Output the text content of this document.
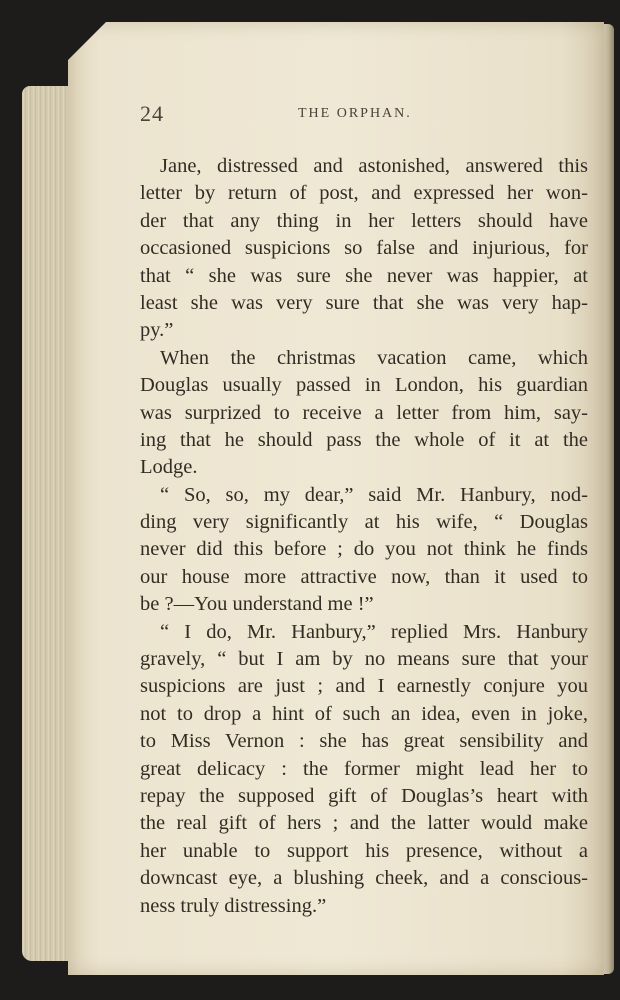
24	THE ORPHAN.
Jane, distressed and astonished, answered this
letter by return of post, and expressed her won-
der that any thing in her letters should have
occasioned suspicions so false and injurious, for
that “ she was sure she never was happier, at
least she was very sure that she was very hap-
py.”
When the christmas vacation came, which
Douglas usually passed in London, his guardian
was surprized to receive a letter from him, say-
ing that he should pass the whole of it at the
Lodge.
“ So, so, my dear,” said Mr. Hanbury, nod-
ding very significantly at his wife, “ Douglas
never did this before ; do you not think he finds
our house more attractive now, than it used to
be ?—You understand me !”
“ I do, Mr. Hanbury,” replied Mrs. Hanbury
gravely, “ but I am by no means sure that your
suspicions are just ; and I earnestly conjure you
not to drop a hint of such an idea, even in joke,
to Miss Vernon : she has great sensibility and
great delicacy : the former might lead her to
repay the supposed gift of Douglas’s heart with
the real gift of hers ; and the latter would make
her unable to support his presence, without a
downcast eye, a blushing cheek, and a conscious-
ness truly distressing.”
